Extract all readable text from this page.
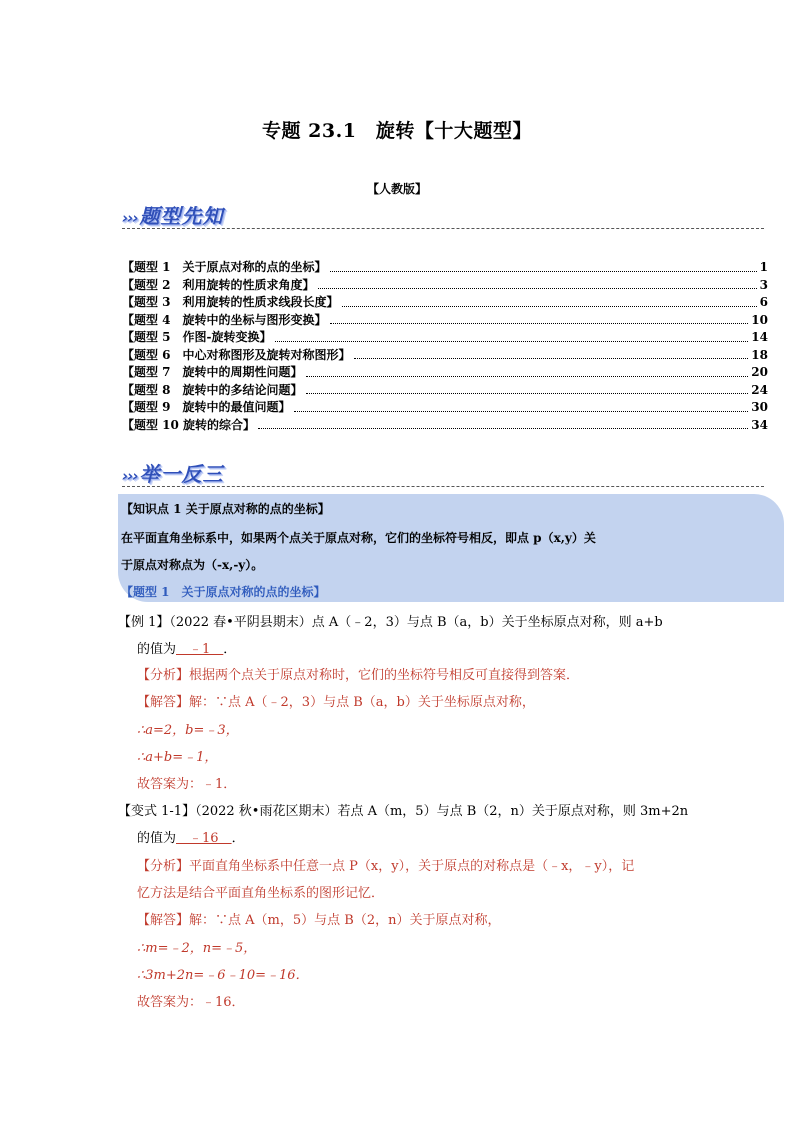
专题 23.1　旋转【十大题型】
【人教版】
››› 题型先知
【题型 1　关于原点对称的点的坐标】	1
【题型 2　利用旋转的性质求角度】	3
【题型 3　利用旋转的性质求线段长度】	6
【题型 4　旋转中的坐标与图形变换】	10
【题型 5　作图-旋转变换】	14
【题型 6　中心对称图形及旋转对称图形】	18
【题型 7　旋转中的周期性问题】	20
【题型 8　旋转中的多结论问题】	24
【题型 9　旋转中的最值问题】	30
【题型 10 旋转的综合】	34
››› 举一反三
【知识点 1 关于原点对称的点的坐标】
在平面直角坐标系中，如果两个点关于原点对称，它们的坐标符号相反，即点 p（x,y）关
于原点对称点为（-x,-y）。
【题型 1　关于原点对称的点的坐标】
【例 1】（2022 春•平阴县期末）点 A（﹣2，3）与点 B（a，b）关于坐标原点对称，则 a+b
的值为　﹣1　．
【分析】根据两个点关于原点对称时，它们的坐标符号相反可直接得到答案．
【解答】解：∵点 A（﹣2，3）与点 B（a，b）关于坐标原点对称，
∴a=2，b=﹣3，
∴a+b=﹣1，
故答案为：﹣1．
【变式 1-1】（2022 秋•雨花区期末）若点 A（m，5）与点 B（2，n）关于原点对称，则 3m+2n
的值为　﹣16　．
【分析】平面直角坐标系中任意一点 P（x，y），关于原点的对称点是（﹣x，﹣y），记
忆方法是结合平面直角坐标系的图形记忆．
【解答】解：∵点 A（m，5）与点 B（2，n）关于原点对称，
∴m=﹣2，n=﹣5，
∴3m+2n=﹣6﹣10=﹣16．
故答案为：﹣16．
